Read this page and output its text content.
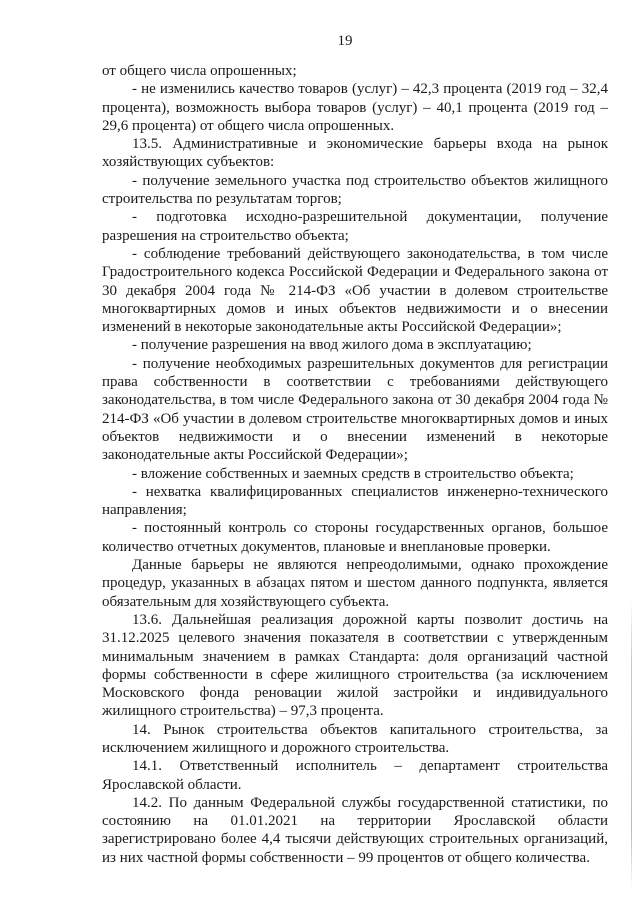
19

от общего числа опрошенных;

- не изменились качество товаров (услуг) – 42,3 процента (2019 год – 32,4 процента), возможность выбора товаров (услуг) – 40,1 процента (2019 год – 29,6 процента) от общего числа опрошенных.

13.5. Административные и экономические барьеры входа на рынок хозяйствующих субъектов:

- получение земельного участка под строительство объектов жилищного строительства по результатам торгов;

- подготовка исходно-разрешительной документации, получение разрешения на строительство объекта;

- соблюдение требований действующего законодательства, в том числе Градостроительного кодекса Российской Федерации и Федерального закона от 30 декабря 2004 года № 214-ФЗ «Об участии в долевом строительстве многоквартирных домов и иных объектов недвижимости и о внесении изменений в некоторые законодательные акты Российской Федерации»;

- получение разрешения на ввод жилого дома в эксплуатацию;

- получение необходимых разрешительных документов для регистрации права собственности в соответствии с требованиями действующего законодательства, в том числе Федерального закона от 30 декабря 2004 года № 214-ФЗ «Об участии в долевом строительстве многоквартирных домов и иных объектов недвижимости и о внесении изменений в некоторые законодательные акты Российской Федерации»;

- вложение собственных и заемных средств в строительство объекта;

- нехватка квалифицированных специалистов инженерно-технического направления;

- постоянный контроль со стороны государственных органов, большое количество отчетных документов, плановые и внеплановые проверки.

Данные барьеры не являются непреодолимыми, однако прохождение процедур, указанных в абзацах пятом и шестом данного подпункта, является обязательным для хозяйствующего субъекта.

13.6. Дальнейшая реализация дорожной карты позволит достичь на 31.12.2025 целевого значения показателя в соответствии с утвержденным минимальным значением в рамках Стандарта: доля организаций частной формы собственности в сфере жилищного строительства (за исключением Московского фонда реновации жилой застройки и индивидуального жилищного строительства) – 97,3 процента.

14. Рынок строительства объектов капитального строительства, за исключением жилищного и дорожного строительства.

14.1. Ответственный исполнитель – департамент строительства Ярославской области.

14.2. По данным Федеральной службы государственной статистики, по состоянию на 01.01.2021 на территории Ярославской области зарегистрировано более 4,4 тысячи действующих строительных организаций, из них частной формы собственности – 99 процентов от общего количества.
